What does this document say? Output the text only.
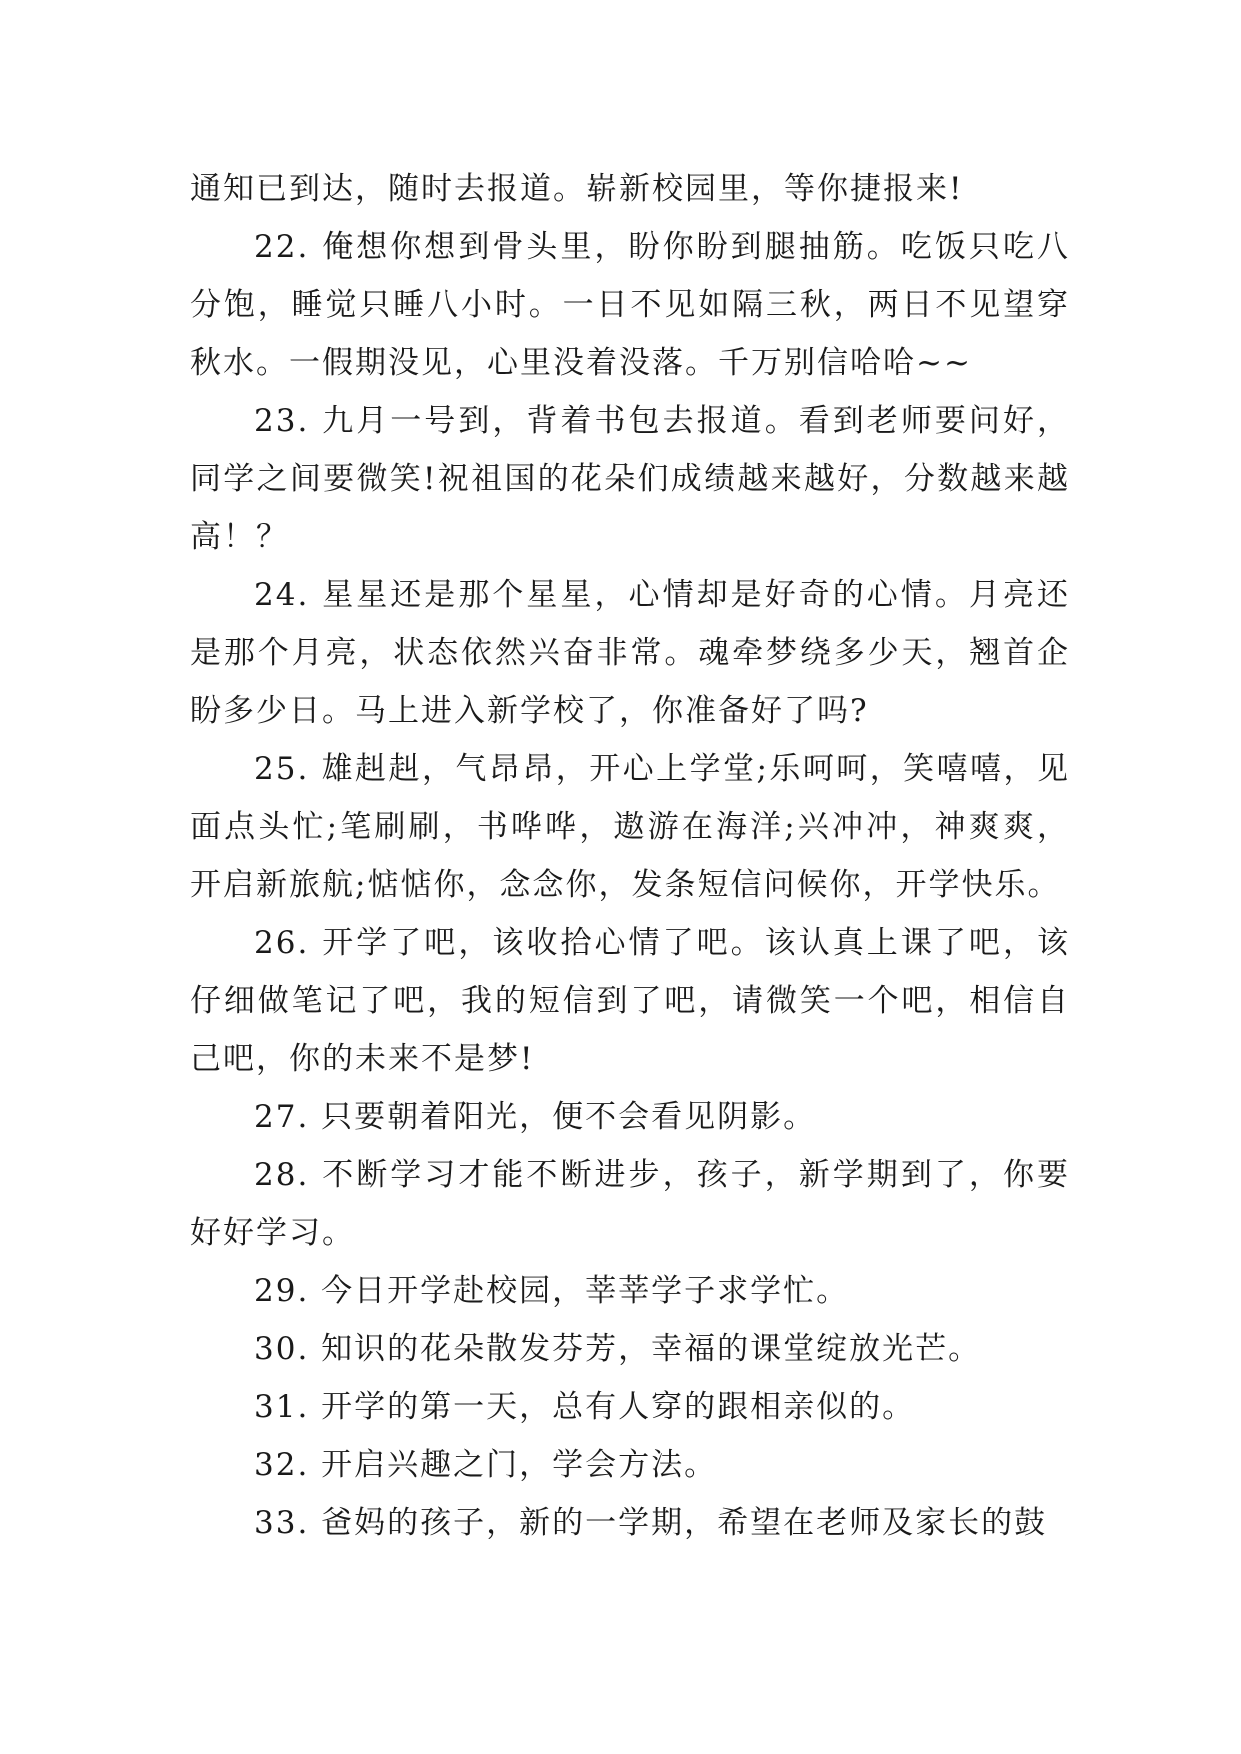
通知已到达，随时去报道。崭新校园里，等你捷报来!

22. 俺想你想到骨头里，盼你盼到腿抽筋。吃饭只吃八分饱，睡觉只睡八小时。一日不见如隔三秋，两日不见望穿秋水。一假期没见，心里没着没落。千万别信哈哈~~

23. 九月一号到，背着书包去报道。看到老师要问好，同学之间要微笑!祝祖国的花朵们成绩越来越好，分数越来越高！？

24. 星星还是那个星星，心情却是好奇的心情。月亮还是那个月亮，状态依然兴奋非常。魂牵梦绕多少天，翘首企盼多少日。马上进入新学校了，你准备好了吗?

25. 雄赳赳，气昂昂，开心上学堂;乐呵呵，笑嘻嘻，见面点头忙;笔刷刷，书哗哗，遨游在海洋;兴冲冲，神爽爽，开启新旅航;惦惦你，念念你，发条短信问候你，开学快乐。

26. 开学了吧，该收拾心情了吧。该认真上课了吧，该仔细做笔记了吧，我的短信到了吧，请微笑一个吧，相信自己吧，你的未来不是梦!

27. 只要朝着阳光，便不会看见阴影。

28. 不断学习才能不断进步，孩子，新学期到了，你要好好学习。

29. 今日开学赴校园，莘莘学子求学忙。

30. 知识的花朵散发芬芳，幸福的课堂绽放光芒。

31. 开学的第一天，总有人穿的跟相亲似的。

32. 开启兴趣之门，学会方法。

33. 爸妈的孩子，新的一学期，希望在老师及家长的鼓
